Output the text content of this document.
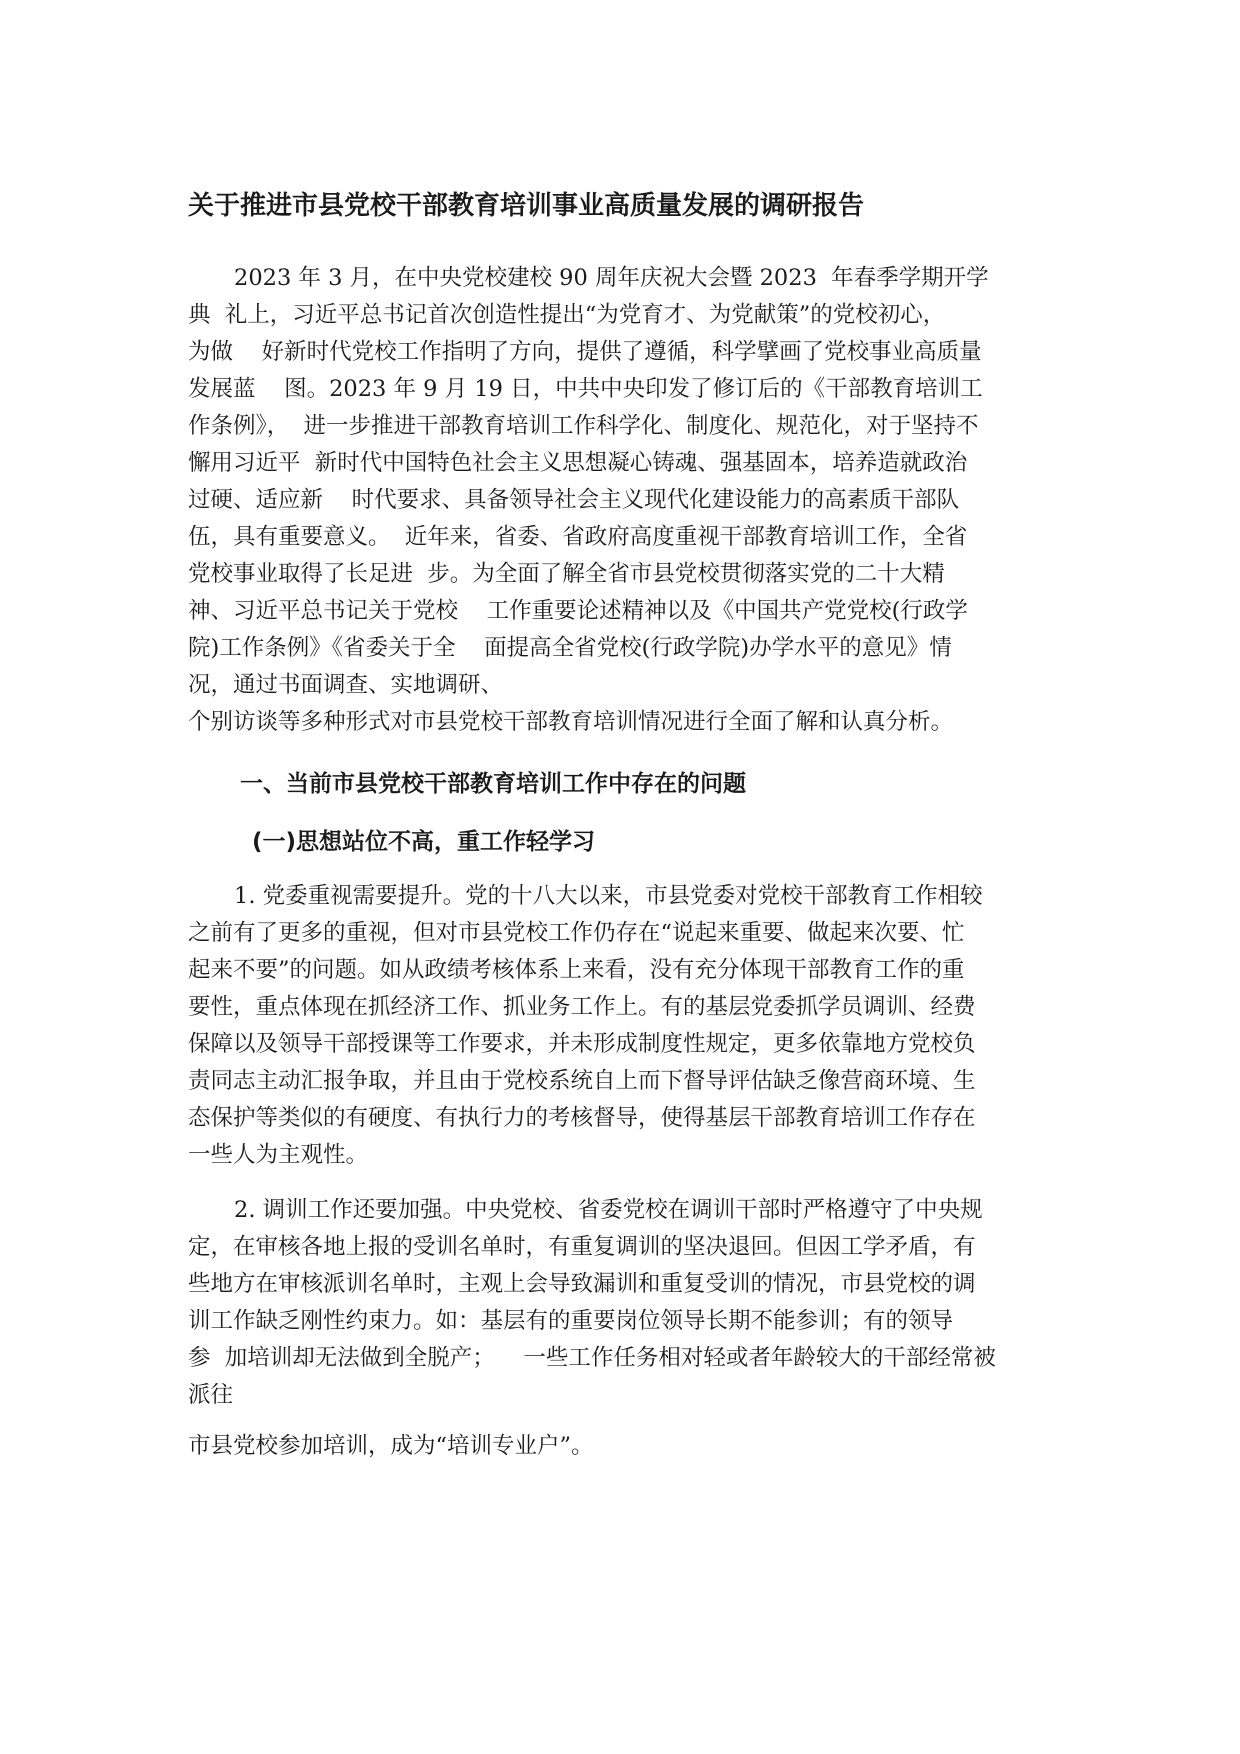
关于推进市县党校干部教育培训事业高质量发展的调研报告
2023 年 3 月，在中央党校建校 90 周年庆祝大会暨 2023  年春季学期开学
典  礼上，习近平总书记首次创造性提出“为党育才、为党献策”的党校初心，
为做    好新时代党校工作指明了方向，提供了遵循，科学擘画了党校事业高质量
发展蓝    图。2023 年 9 月 19 日，中共中央印发了修订后的《干部教育培训工
作条例》，  进一步推进干部教育培训工作科学化、制度化、规范化，对于坚持不
懈用习近平  新时代中国特色社会主义思想凝心铸魂、强基固本，培养造就政治
过硬、适应新    时代要求、具备领导社会主义现代化建设能力的高素质干部队
伍，具有重要意义。  近年来，省委、省政府高度重视干部教育培训工作，全省
党校事业取得了长足进  步。为全面了解全省市县党校贯彻落实党的二十大精
神、习近平总书记关于党校    工作重要论述精神以及《中国共产党党校(行政学
院)工作条例》《省委关于全    面提高全省党校(行政学院)办学水平的意见》情
况，通过书面调查、实地调研、
个别访谈等多种形式对市县党校干部教育培训情况进行全面了解和认真分析。
一、当前市县党校干部教育培训工作中存在的问题
(一)思想站位不高，重工作轻学习
1. 党委重视需要提升。党的十八大以来，市县党委对党校干部教育工作相较
之前有了更多的重视，但对市县党校工作仍存在“说起来重要、做起来次要、忙
起来不要”的问题。如从政绩考核体系上来看，没有充分体现干部教育工作的重
要性，重点体现在抓经济工作、抓业务工作上。有的基层党委抓学员调训、经费
保障以及领导干部授课等工作要求，并未形成制度性规定，更多依靠地方党校负
责同志主动汇报争取，并且由于党校系统自上而下督导评估缺乏像营商环境、生
态保护等类似的有硬度、有执行力的考核督导，使得基层干部教育培训工作存在
一些人为主观性。
2. 调训工作还要加强。中央党校、省委党校在调训干部时严格遵守了中央规
定，在审核各地上报的受训名单时，有重复调训的坚决退回。但因工学矛盾，有
些地方在审核派训名单时，主观上会导致漏训和重复受训的情况，市县党校的调
训工作缺乏刚性约束力。如：基层有的重要岗位领导长期不能参训；有的领导
参  加培训却无法做到全脱产；    一些工作任务相对轻或者年龄较大的干部经常被
派往
市县党校参加培训，成为“培训专业户”。
